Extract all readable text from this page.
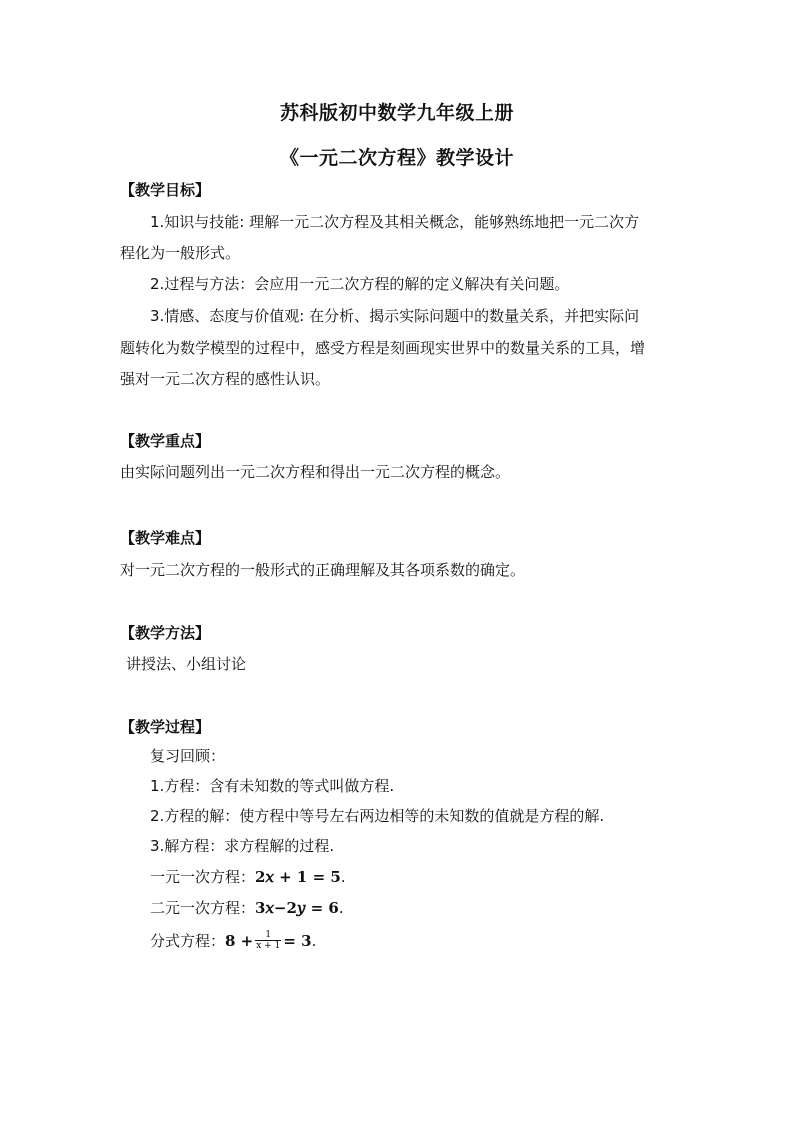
苏科版初中数学九年级上册
《一元二次方程》教学设计
【教学目标】
1.知识与技能: 理解一元二次方程及其相关概念，能够熟练地把一元二次方
程化为一般形式。
2.过程与方法：会应用一元二次方程的解的定义解决有关问题。
3.情感、态度与价值观: 在分析、揭示实际问题中的数量关系，并把实际问
题转化为数学模型的过程中，感受方程是刻画现实世界中的数量关系的工具，增
强对一元二次方程的感性认识。
【教学重点】
由实际问题列出一元二次方程和得出一元二次方程的概念。
【教学难点】
对一元二次方程的一般形式的正确理解及其各项系数的确定。
【教学方法】
讲授法、小组讨论
【教学过程】
复习回顾：
1.方程：含有未知数的等式叫做方程.
2.方程的解：使方程中等号左右两边相等的未知数的值就是方程的解.
3.解方程：求方程解的过程.
一元一次方程：2𝑥 + 1 = 5.
二元一次方程：3𝑥−2𝑦 = 6.
分式方程：$8 + \frac{1}{x + 1} = 3$.
